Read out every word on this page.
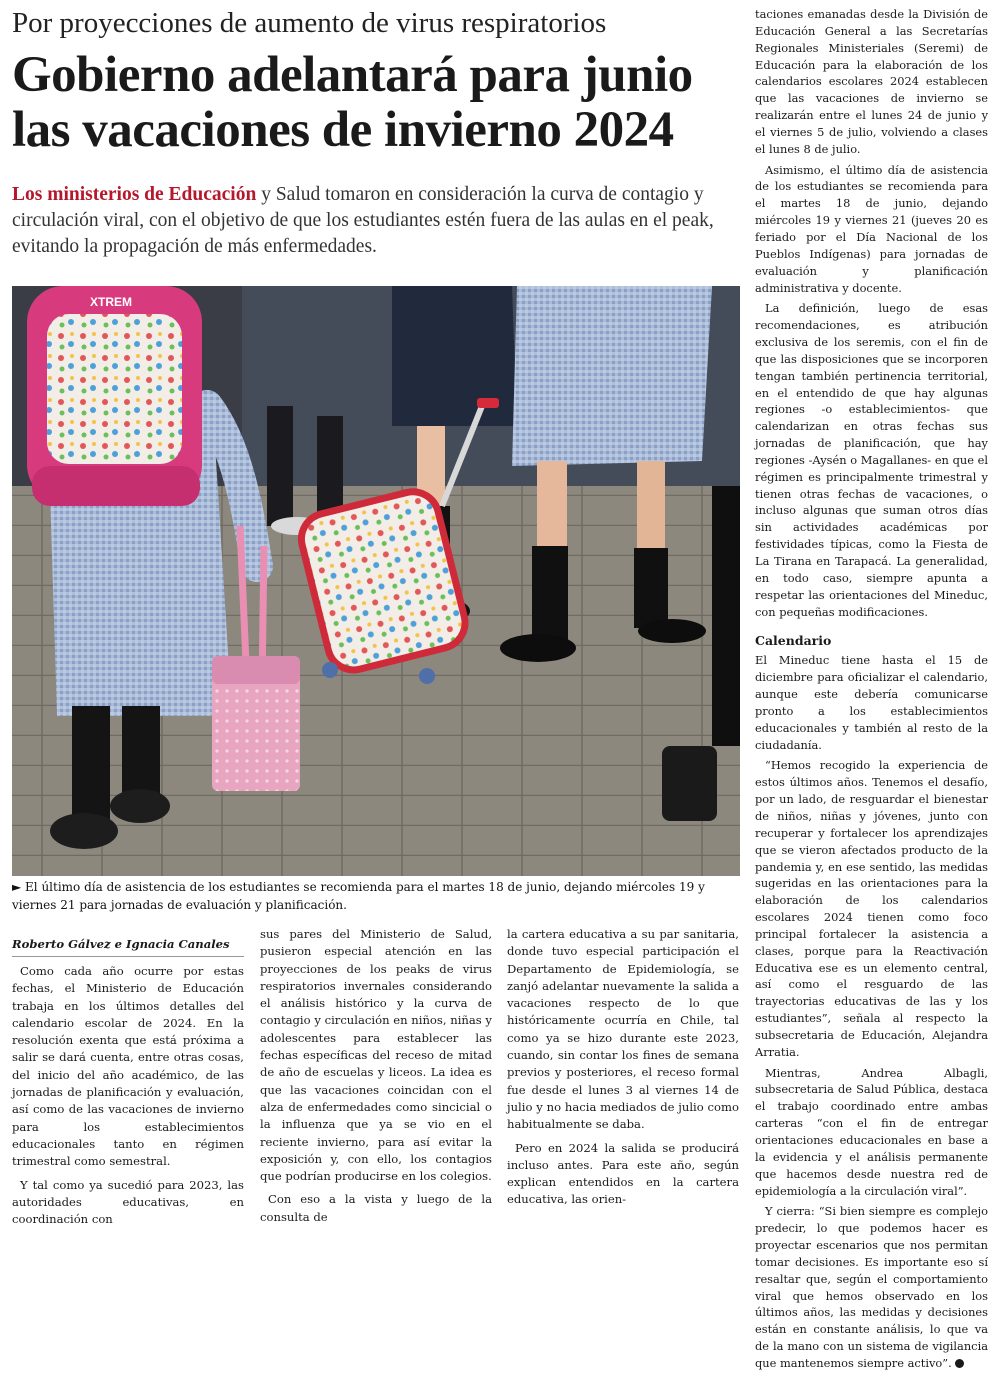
Por proyecciones de aumento de virus respiratorios
Gobierno adelantará para junio las vacaciones de invierno 2024

Los ministerios de Educación y Salud tomaron en consideración la curva de contagio y circulación viral, con el objetivo de que los estudiantes estén fuera de las aulas en el peak, evitando la propagación de más enfermedades.

XTREM

► El último día de asistencia de los estudiantes se recomienda para el martes 18 de junio, dejando miércoles 19 y viernes 21 para jornadas de evaluación y planificación.

Roberto Gálvez e Ignacia Canales

Como cada año ocurre por estas fechas, el Ministerio de Educación trabaja en los últimos detalles del calendario escolar de 2024. En la resolución exenta que está próxima a salir se dará cuenta, entre otras cosas, del inicio del año académico, de las jornadas de planificación y evaluación, así como de las vacaciones de invierno para los establecimientos educacionales tanto en régimen trimestral como semestral.

Y tal como ya sucedió para 2023, las autoridades educativas, en coordinación con

sus pares del Ministerio de Salud, pusieron especial atención en las proyecciones de los peaks de virus respiratorios invernales considerando el análisis histórico y la curva de contagio y circulación en niños, niñas y adolescentes para establecer las fechas específicas del receso de mitad de año de escuelas y liceos. La idea es que las vacaciones coincidan con el alza de enfermedades como sincicial o la influenza que ya se vio en el reciente invierno, para así evitar la exposición y, con ello, los contagios que podrían producirse en los colegios.

Con eso a la vista y luego de la consulta de

la cartera educativa a su par sanitaria, donde tuvo especial participación el Departamento de Epidemiología, se zanjó adelantar nuevamente la salida a vacaciones respecto de lo que históricamente ocurría en Chile, tal como ya se hizo durante este 2023, cuando, sin contar los fines de semana previos y posteriores, el receso formal fue desde el lunes 3 al viernes 14 de julio y no hacia mediados de julio como habitualmente se daba.

Pero en 2024 la salida se producirá incluso antes. Para este año, según explican entendidos en la cartera educativa, las orien-

taciones emanadas desde la División de Educación General a las Secretarías Regionales Ministeriales (Seremi) de Educación para la elaboración de los calendarios escolares 2024 establecen que las vacaciones de invierno se realizarán entre el lunes 24 de junio y el viernes 5 de julio, volviendo a clases el lunes 8 de julio.

Asimismo, el último día de asistencia de los estudiantes se recomienda para el martes 18 de junio, dejando miércoles 19 y viernes 21 (jueves 20 es feriado por el Día Nacional de los Pueblos Indígenas) para jornadas de evaluación y planificación administrativa y docente.

La definición, luego de esas recomendaciones, es atribución exclusiva de los seremis, con el fin de que las disposiciones que se incorporen tengan también pertinencia territorial, en el entendido de que hay algunas regiones -o establecimientos- que calendarizan en otras fechas sus jornadas de planificación, que hay regiones -Aysén o Magallanes- en que el régimen es principalmente trimestral y tienen otras fechas de vacaciones, o incluso algunas que suman otros días sin actividades académicas por festividades típicas, como la Fiesta de La Tirana en Tarapacá. La generalidad, en todo caso, siempre apunta a respetar las orientaciones del Mineduc, con pequeñas modificaciones.

Calendario

El Mineduc tiene hasta el 15 de diciembre para oficializar el calendario, aunque este debería comunicarse pronto a los establecimientos educacionales y también al resto de la ciudadanía.

“Hemos recogido la experiencia de estos últimos años. Tenemos el desafío, por un lado, de resguardar el bienestar de niños, niñas y jóvenes, junto con recuperar y fortalecer los aprendizajes que se vieron afectados producto de la pandemia y, en ese sentido, las medidas sugeridas en las orientaciones para la elaboración de los calendarios escolares 2024 tienen como foco principal fortalecer la asistencia a clases, porque para la Reactivación Educativa ese es un elemento central, así como el resguardo de las trayectorias educativas de las y los estudiantes”, señala al respecto la subsecretaria de Educación, Alejandra Arratia.

Mientras, Andrea Albagli, subsecretaria de Salud Pública, destaca el trabajo coordinado entre ambas carteras “con el fin de entregar orientaciones educacionales en base a la evidencia y el análisis permanente que hacemos desde nuestra red de epidemiología a la circulación viral”.

Y cierra: “Si bien siempre es complejo predecir, lo que podemos hacer es proyectar escenarios que nos permitan tomar decisiones. Es importante eso sí resaltar que, según el comportamiento viral que hemos observado en los últimos años, las medidas y decisiones están en constante análisis, lo que va de la mano con un sistema de vigilancia que mantenemos siempre activo”.
